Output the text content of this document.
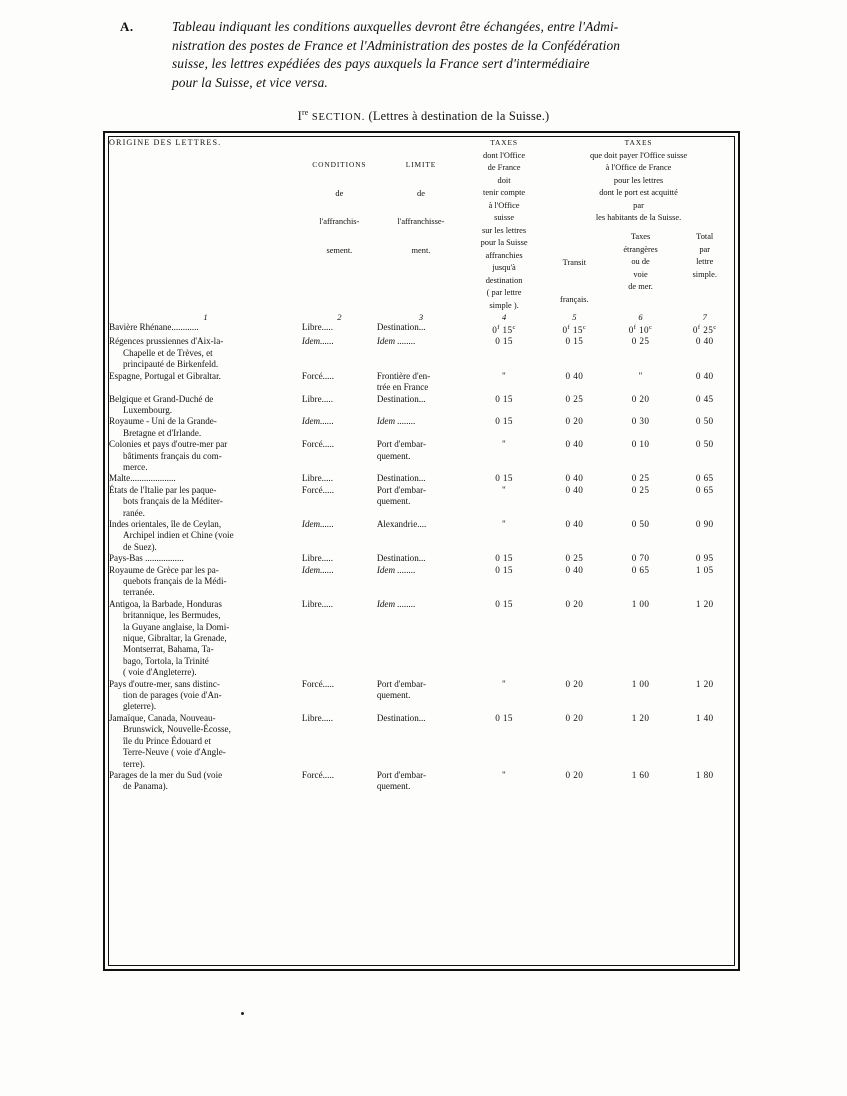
A.	Tableau indiquant les conditions auxquelles devront être échangées, entre l'Admi-
nistration des postes de France et l'Administration des postes de la Confédération
suisse, les lettres expédiées des pays auxquels la France sert d'intermédiaire
pour la Suisse, et vice versa.
Ire SECTION. (Lettres à destination de la Suisse.)
ORIGINE DES LETTRES.	
CONDITIONS
de
l'affranchis-
sement.

LIMITE
de
l'affranchisse-
ment.

TAXES
dont l'Office
de France
doit
tenir compte
à l'Office
suisse
sur les lettres
pour la Suisse
affranchies
jusqu'à
destination
( par lettre
simple ).

TAXES
que doit payer l'Office suisse
à l'Office de France
pour les lettres
dont le port est acquitté
par
les habitants de la Suisse.

Transit
français.

Taxes
étrangères
ou de
voie
de mer.

Total
par
lettre
simple.

1	2	3	4	5	6	7
Bavière Rhénane............	Libre.....	Destination...	0$^f$ 15$^c$	0$^f$ 15$^c$	0$^f$ 10$^c$	0$^f$ 25$^c$
Régences prussiennes d'Aix-la-
Chapelle et de Trèves, et
principauté de Birkenfeld.	Idem......	Idem ........	0 15	0 15	0 25	0 40
Espagne, Portugal et Gibraltar.	Forcé.....	Frontière d'en-
trée en France	"	0 40	"	0 40
Belgique et Grand-Duché de
Luxembourg.	Libre.....	Destination...	0 15	0 25	0 20	0 45
Royaume - Uni de la Grande-
Bretagne et d'Irlande.	Idem......	Idem ........	0 15	0 20	0 30	0 50
Colonies et pays d'outre-mer par
bâtiments français du com-
merce.	Forcé.....	Port d'embar-
quement.	"	0 40	0 10	0 50
Malte....................	Libre.....	Destination...	0 15	0 40	0 25	0 65
États de l'Italie par les paque-
bots français de la Méditer-
ranée.	Forcé.....	Port d'embar-
quement.	"	0 40	0 25	0 65
Indes orientales, île de Ceylan,
Archipel indien et Chine (voie
de Suez).	Idem......	Alexandrie....	"	0 40	0 50	0 90
Pays-Bas .................	Libre.....	Destination...	0 15	0 25	0 70	0 95
Royaume de Grèce par les pa-
quebots français de la Médi-
terranée.	Idem......	Idem ........	0 15	0 40	0 65	1 05
Antigoa, la Barbade, Honduras
britannique, les Bermudes,
la Guyane anglaise, la Domi-
nique, Gibraltar, la Grenade,
Montserrat, Bahama, Ta-
bago, Tortola, la Trinité
( voie d'Angleterre).
	Libre.....	Idem ........	0 15	0 20	1 00	1 20
Pays d'outre-mer, sans distinc-
tion de parages (voie d'An-
gleterre).	Forcé.....	Port d'embar-
quement.	"	0 20	1 00	1 20
Jamaïque, Canada, Nouveau-
Brunswick, Nouvelle-Écosse,
île du Prince Édouard et
Terre-Neuve ( voie d'Angle-
terre).	Libre.....	Destination...	0 15	0 20	1 20	1 40
Parages de la mer du Sud (voie
de Panama).	Forcé.....	Port d'embar-
quement.	"	0 20	1 60	1 80
